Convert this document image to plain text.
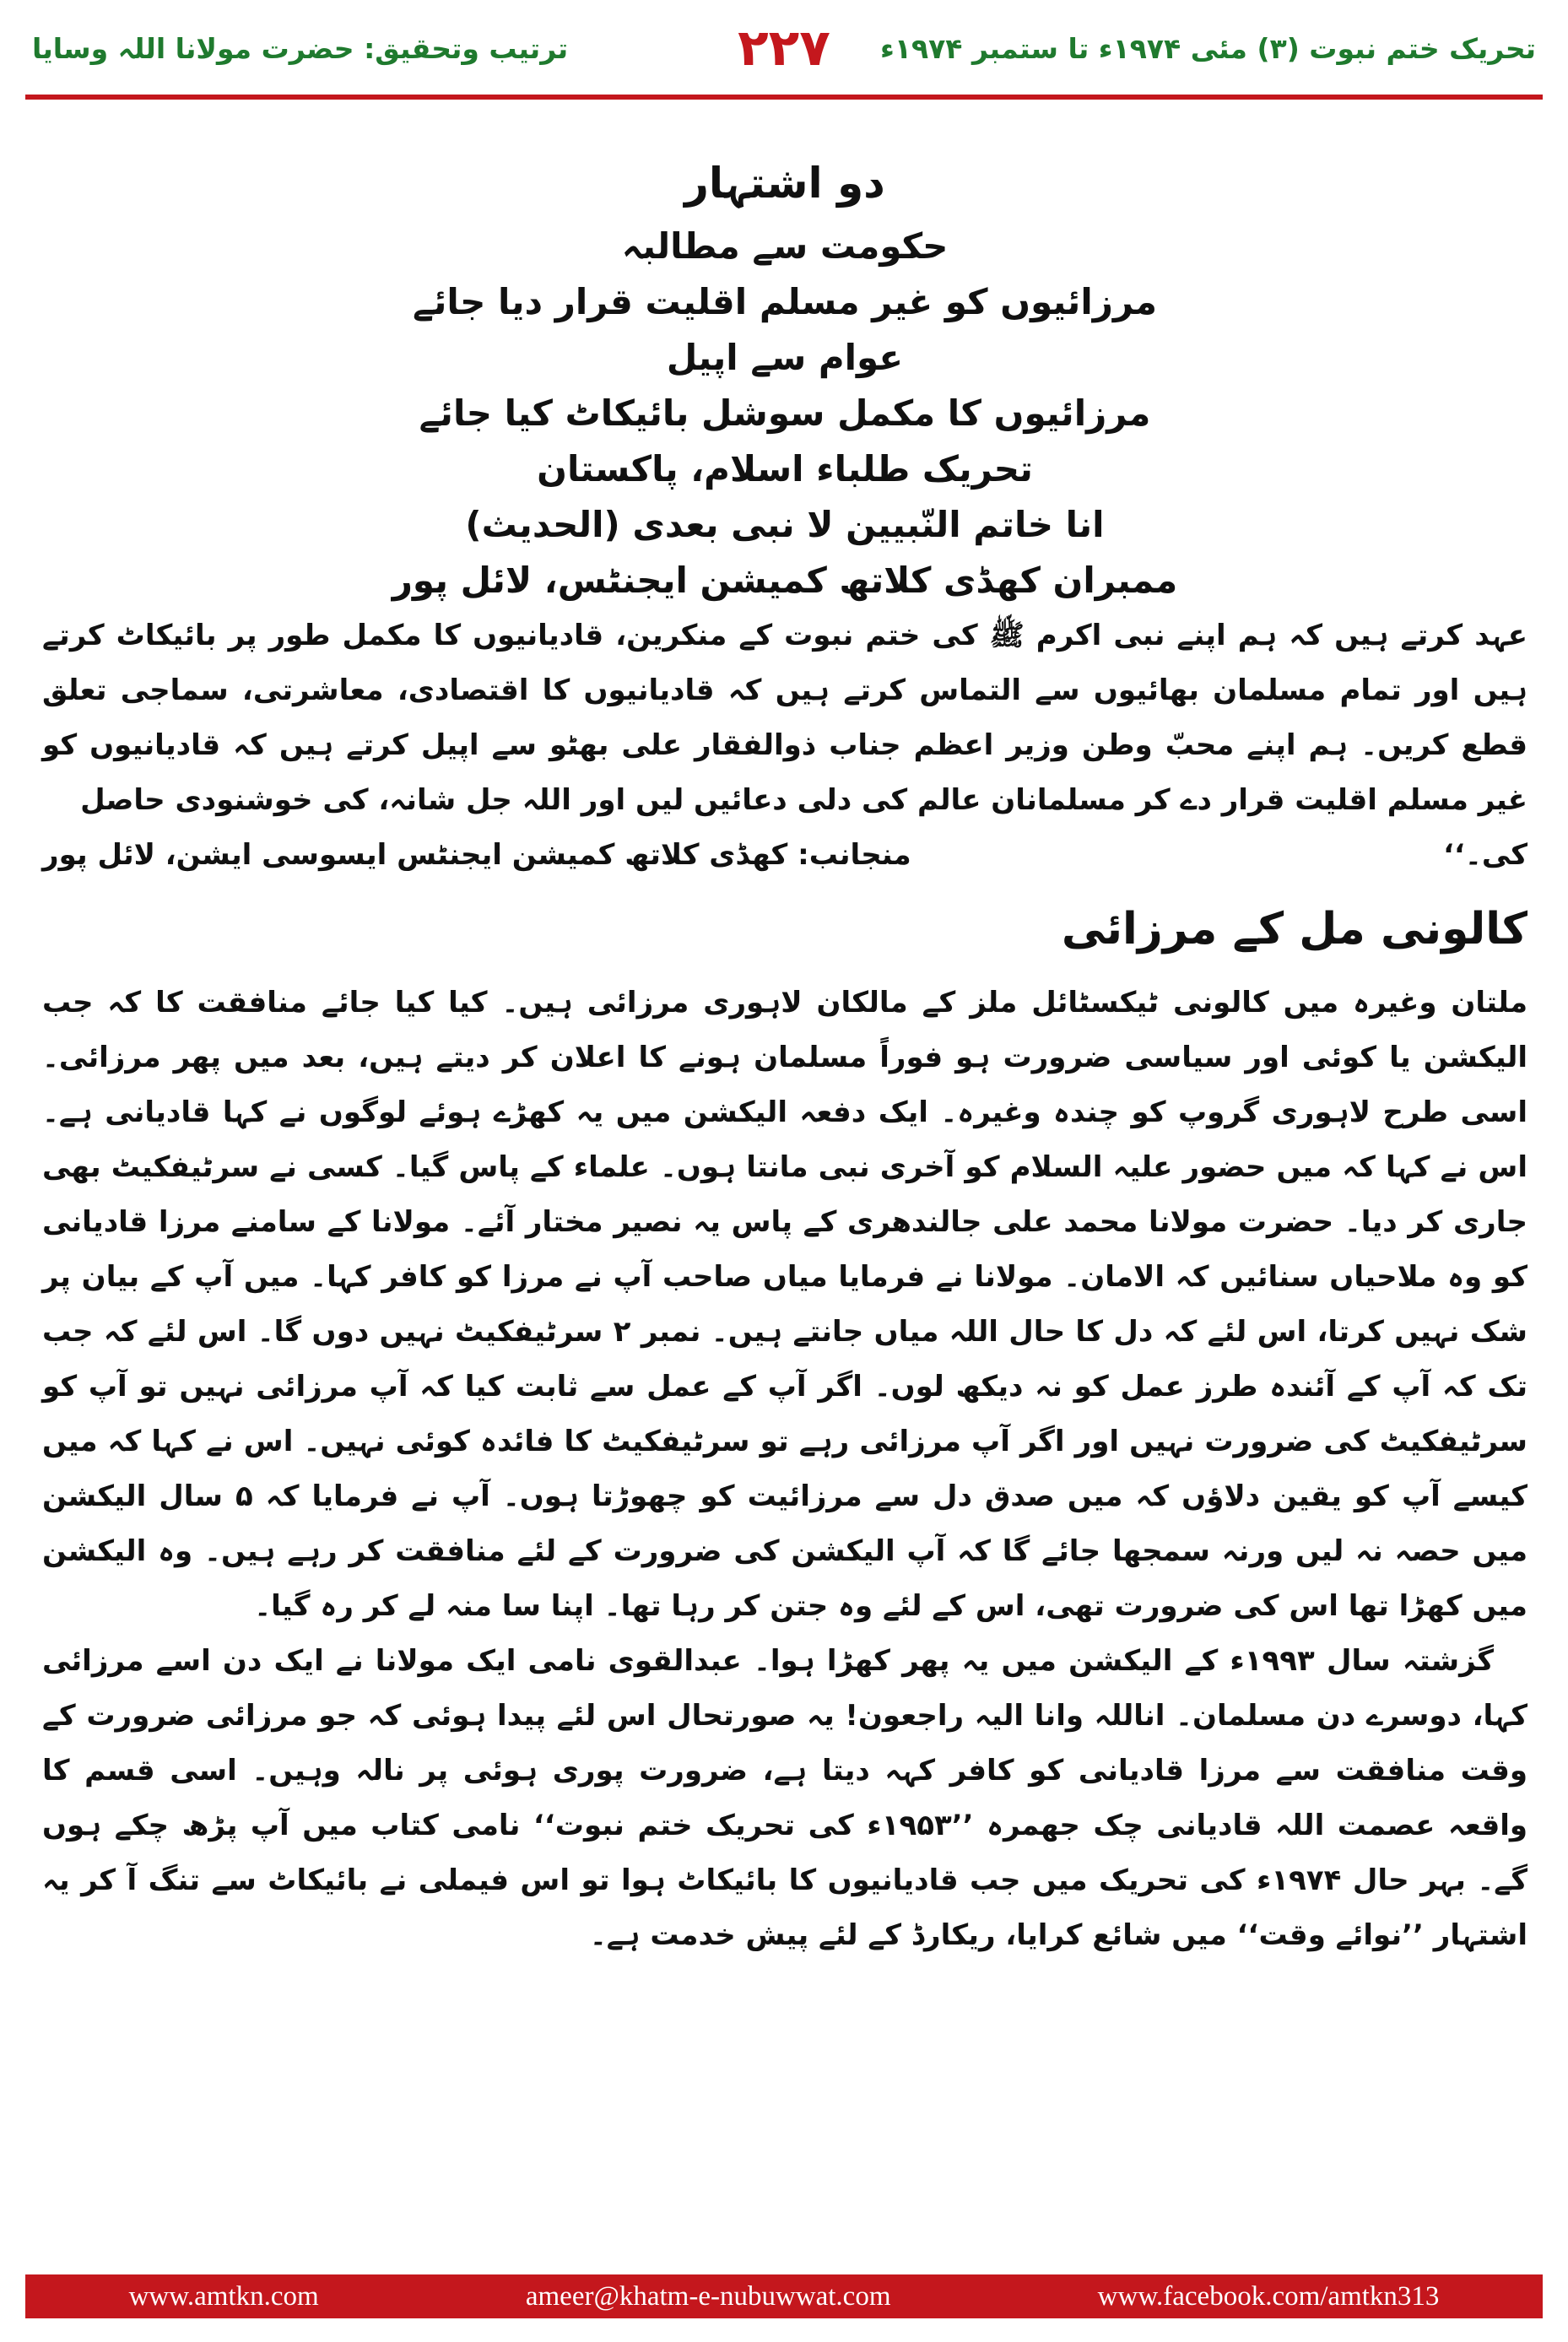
تحریک ختم نبوت (۳) مئی ۱۹۷۴ء تا ستمبر ۱۹۷۴ء
۲۲۷
ترتیب وتحقیق: حضرت مولانا اللہ وسایا

دو اشتہار

حکومت سے مطالبہ

مرزائیوں کو غیر مسلم اقلیت قرار دیا جائے

عوام سے اپیل

مرزائیوں کا مکمل سوشل بائیکاٹ کیا جائے

تحریک طلباء اسلام، پاکستان

انا خاتم النّبیین لا نبی بعدی (الحدیث)

ممبران کھڈی کلاتھ کمیشن ایجنٹس، لائل پور

عہد کرتے ہیں کہ ہم اپنے نبی اکرم ﷺ کی ختم نبوت کے منکرین، قادیانیوں کا مکمل طور پر بائیکاٹ کرتے ہیں اور تمام مسلمان بھائیوں سے التماس کرتے ہیں کہ قادیانیوں کا اقتصادی، معاشرتی، سماجی تعلق قطع کریں۔ ہم اپنے محبّ وطن وزیر اعظم جناب ذوالفقار علی بھٹو سے اپیل کرتے ہیں کہ قادیانیوں کو غیر مسلم اقلیت قرار دے کر مسلمانان عالم کی دلی دعائیں لیں اور اللہ جل شانہ، کی خوشنودی حاصل

کی۔‘‘
منجانب: کھڈی کلاتھ کمیشن ایجنٹس ایسوسی ایشن، لائل پور

کالونی مل کے مرزائی

ملتان وغیرہ میں کالونی ٹیکسٹائل ملز کے مالکان لاہوری مرزائی ہیں۔ کیا کیا جائے منافقت کا کہ جب الیکشن یا کوئی اور سیاسی ضرورت ہو فوراً مسلمان ہونے کا اعلان کر دیتے ہیں، بعد میں پھر مرزائی۔ اسی طرح لاہوری گروپ کو چندہ وغیرہ۔ ایک دفعہ الیکشن میں یہ کھڑے ہوئے لوگوں نے کہا قادیانی ہے۔ اس نے کہا کہ میں حضور علیہ السلام کو آخری نبی مانتا ہوں۔ علماء کے پاس گیا۔ کسی نے سرٹیفکیٹ بھی جاری کر دیا۔ حضرت مولانا محمد علی جالندھری کے پاس یہ نصیر مختار آئے۔ مولانا کے سامنے مرزا قادیانی کو وہ ملاحیاں سنائیں کہ الامان۔ مولانا نے فرمایا میاں صاحب آپ نے مرزا کو کافر کہا۔ میں آپ کے بیان پر شک نہیں کرتا، اس لئے کہ دل کا حال اللہ میاں جانتے ہیں۔ نمبر ۲ سرٹیفکیٹ نہیں دوں گا۔ اس لئے کہ جب تک کہ آپ کے آئندہ طرز عمل کو نہ دیکھ لوں۔ اگر آپ کے عمل سے ثابت کیا کہ آپ مرزائی نہیں تو آپ کو سرٹیفکیٹ کی ضرورت نہیں اور اگر آپ مرزائی رہے تو سرٹیفکیٹ کا فائدہ کوئی نہیں۔ اس نے کہا کہ میں کیسے آپ کو یقین دلاؤں کہ میں صدق دل سے مرزائیت کو چھوڑتا ہوں۔ آپ نے فرمایا کہ ۵ سال الیکشن میں حصہ نہ لیں ورنہ سمجھا جائے گا کہ آپ الیکشن کی ضرورت کے لئے منافقت کر رہے ہیں۔ وہ الیکشن میں کھڑا تھا اس کی ضرورت تھی، اس کے لئے وہ جتن کر رہا تھا۔ اپنا سا منہ لے کر رہ گیا۔

گزشتہ سال ۱۹۹۳ء کے الیکشن میں یہ پھر کھڑا ہوا۔ عبدالقوی نامی ایک مولانا نے ایک دن اسے مرزائی کہا، دوسرے دن مسلمان۔ اناللہ وانا الیہ راجعون! یہ صورتحال اس لئے پیدا ہوئی کہ جو مرزائی ضرورت کے وقت منافقت سے مرزا قادیانی کو کافر کہہ دیتا ہے، ضرورت پوری ہوئی پر نالہ وہیں۔ اسی قسم کا واقعہ عصمت اللہ قادیانی چک جھمرہ ’’۱۹۵۳ء کی تحریک ختم نبوت‘‘ نامی کتاب میں آپ پڑھ چکے ہوں گے۔ بہر حال ۱۹۷۴ء کی تحریک میں جب قادیانیوں کا بائیکاٹ ہوا تو اس فیملی نے بائیکاٹ سے تنگ آ کر یہ اشتہار ’’نوائے وقت‘‘ میں شائع کرایا، ریکارڈ کے لئے پیش خدمت ہے۔

www.amtkn.com	ameer@khatm-e-nubuwwat.com	www.facebook.com/amtkn313
